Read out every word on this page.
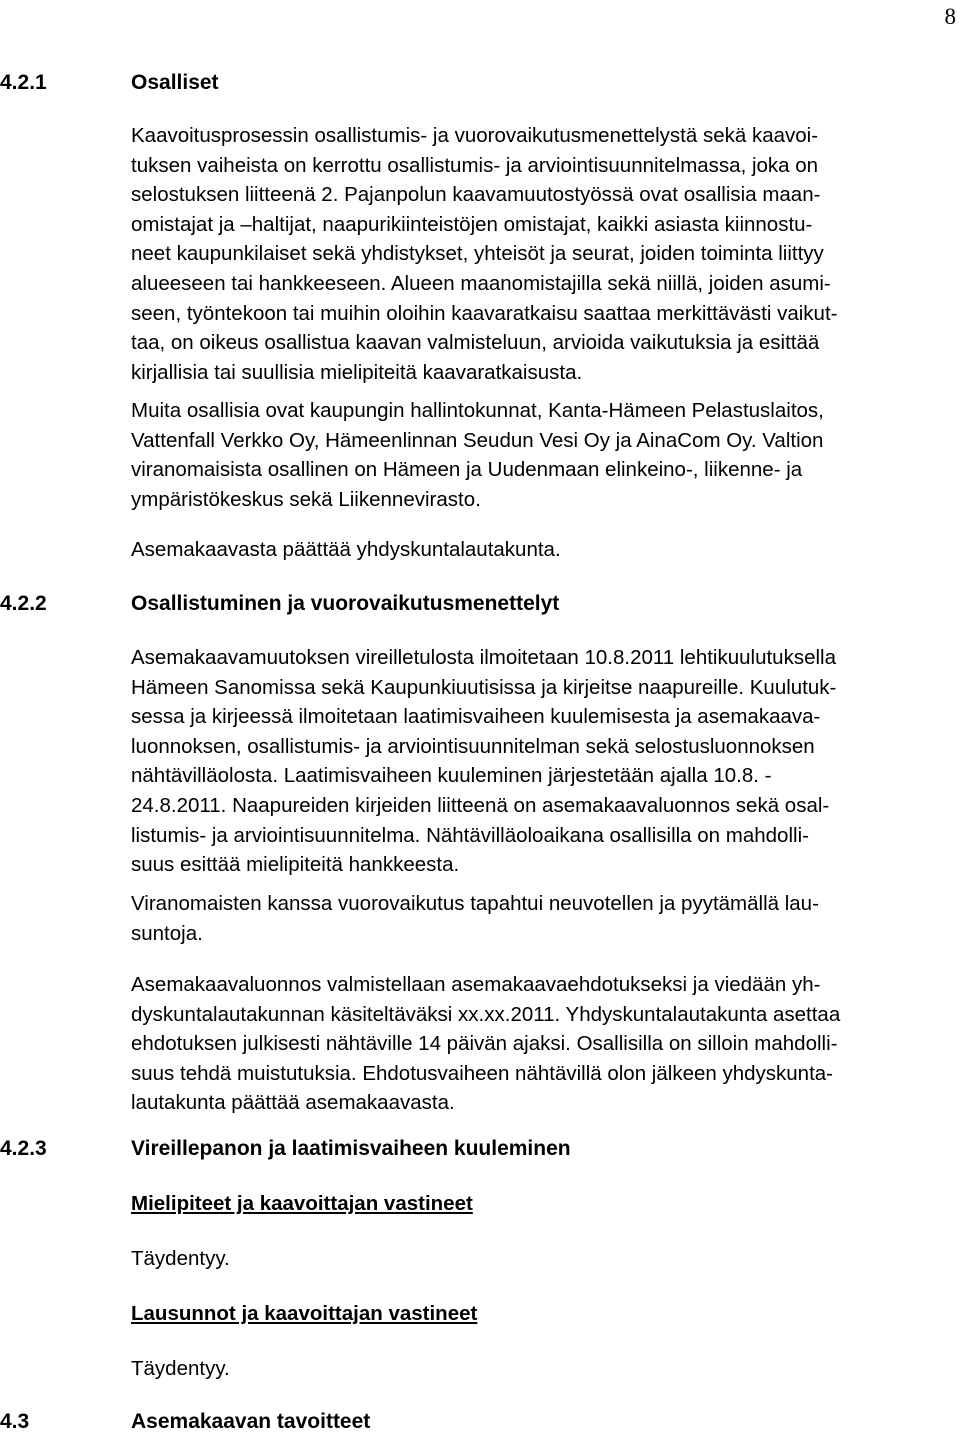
8
4.2.1	Osalliset
Kaavoitusprosessin osallistumis- ja vuorovaikutusmenettelystä sekä kaavoi-
tuksen vaiheista on kerrottu osallistumis- ja arviointisuunnitelmassa, joka on
selostuksen liitteenä 2. Pajanpolun kaavamuutostyössä ovat osallisia maan-
omistajat ja –haltijat, naapurikiinteistöjen omistajat, kaikki asiasta kiinnostu-
neet kaupunkilaiset sekä yhdistykset, yhteisöt ja seurat, joiden toiminta liittyy
alueeseen tai hankkeeseen. Alueen maanomistajilla sekä niillä, joiden asumi-
seen, työntekoon tai muihin oloihin kaavaratkaisu saattaa merkittävästi vaikut-
taa, on oikeus osallistua kaavan valmisteluun, arvioida vaikutuksia ja esittää
kirjallisia tai suullisia mielipiteitä kaavaratkaisusta.
Muita osallisia ovat kaupungin hallintokunnat, Kanta-Hämeen Pelastuslaitos,
Vattenfall Verkko Oy, Hämeenlinnan Seudun Vesi Oy ja AinaCom Oy. Valtion
viranomaisista osallinen on Hämeen ja Uudenmaan elinkeino-, liikenne- ja
ympäristökeskus sekä Liikennevirasto.
Asemakaavasta päättää yhdyskuntalautakunta.
4.2.2	Osallistuminen ja vuorovaikutusmenettelyt
Asemakaavamuutoksen vireilletulosta ilmoitetaan 10.8.2011 lehtikuulutuksella
Hämeen Sanomissa sekä Kaupunkiuutisissa ja kirjeitse naapureille. Kuulutuk-
sessa ja kirjeessä ilmoitetaan laatimisvaiheen kuulemisesta ja asemakaava-
luonnoksen, osallistumis- ja arviointisuunnitelman sekä selostusluonnoksen
nähtävilläolosta. Laatimisvaiheen kuuleminen järjestetään ajalla 10.8. -
24.8.2011. Naapureiden kirjeiden liitteenä on asemakaavaluonnos sekä osal-
listumis- ja arviointisuunnitelma. Nähtävilläoloaikana osallisilla on mahdolli-
suus esittää mielipiteitä hankkeesta.
Viranomaisten kanssa vuorovaikutus tapahtui neuvotellen ja pyytämällä lau-
suntoja.
Asemakaavaluonnos valmistellaan asemakaavaehdotukseksi ja viedään yh-
dyskuntalautakunnan käsiteltäväksi xx.xx.2011. Yhdyskuntalautakunta asettaa
ehdotuksen julkisesti nähtäville 14 päivän ajaksi. Osallisilla on silloin mahdolli-
suus tehdä muistutuksia. Ehdotusvaiheen nähtävillä olon jälkeen yhdyskunta-
lautakunta päättää asemakaavasta.
4.2.3	Vireillepanon ja laatimisvaiheen kuuleminen
Mielipiteet ja kaavoittajan vastineet
Täydentyy.
Lausunnot ja kaavoittajan vastineet
Täydentyy.
4.3	Asemakaavan tavoitteet
